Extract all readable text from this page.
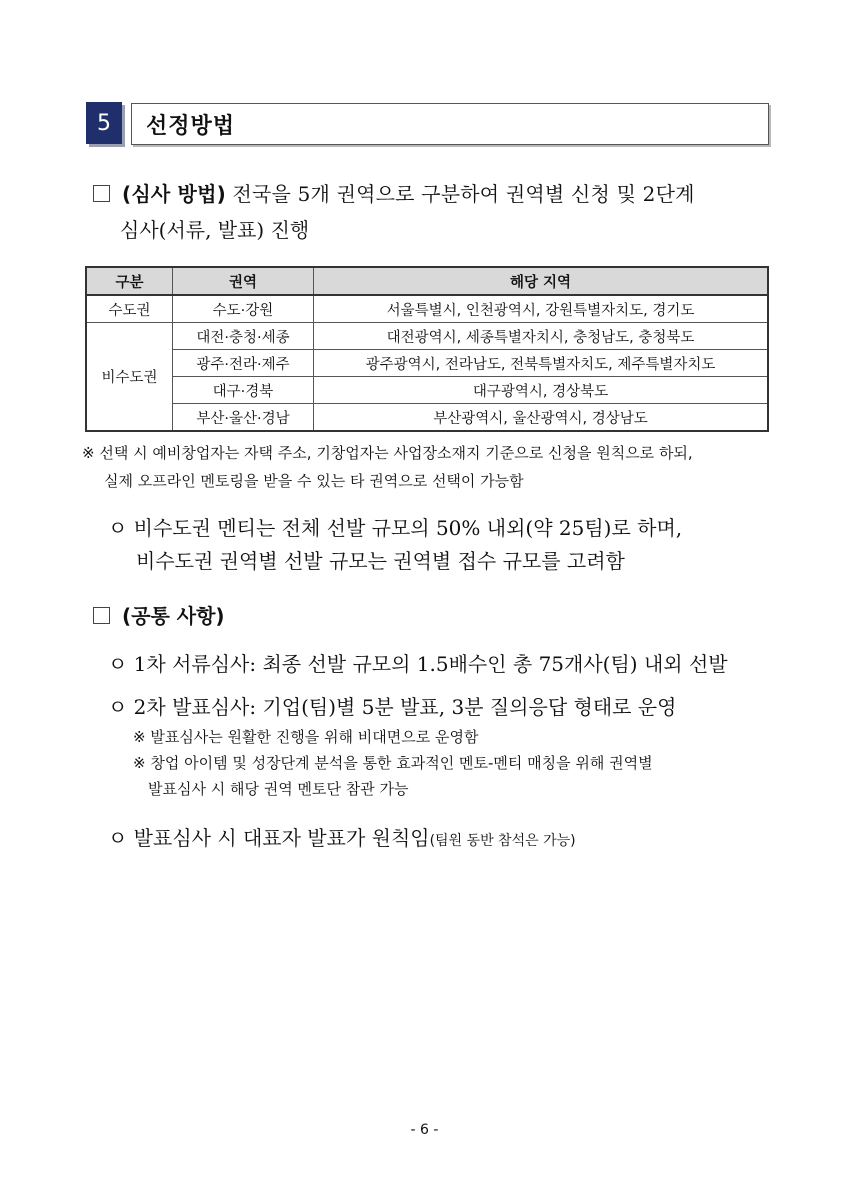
5	선정방법
(심사 방법) 전국을 5개 권역으로 구분하여 권역별 신청 및 2단계
심사(서류, 발표) 진행
구분	권역	해당 지역
수도권	수도·강원	서울특별시, 인천광역시, 강원특별자치도, 경기도
비수도권	대전·충청·세종	대전광역시, 세종특별자치시, 충청남도, 충청북도
	광주·전라·제주	광주광역시, 전라남도, 전북특별자치도, 제주특별자치도
	대구·경북	대구광역시, 경상북도
	부산·울산·경남	부산광역시, 울산광역시, 경상남도
※ 선택 시 예비창업자는 자택 주소, 기창업자는 사업장소재지 기준으로 신청을 원칙으로 하되,
실제 오프라인 멘토링을 받을 수 있는 타 권역으로 선택이 가능함
ㅇ 비수도권 멘티는 전체 선발 규모의 50% 내외(약 25팀)로 하며,
비수도권 권역별 선발 규모는 권역별 접수 규모를 고려함
(공통 사항)
ㅇ 1차 서류심사: 최종 선발 규모의 1.5배수인 총 75개사(팀) 내외 선발
ㅇ 2차 발표심사: 기업(팀)별 5분 발표, 3분 질의응답 형태로 운영
※ 발표심사는 원활한 진행을 위해 비대면으로 운영함
※ 창업 아이템 및 성장단계 분석을 통한 효과적인 멘토-멘티 매칭을 위해 권역별
발표심사 시 해당 권역 멘토단 참관 가능
ㅇ 발표심사 시 대표자 발표가 원칙임(팀원 동반 참석은 가능)
- 6 -
